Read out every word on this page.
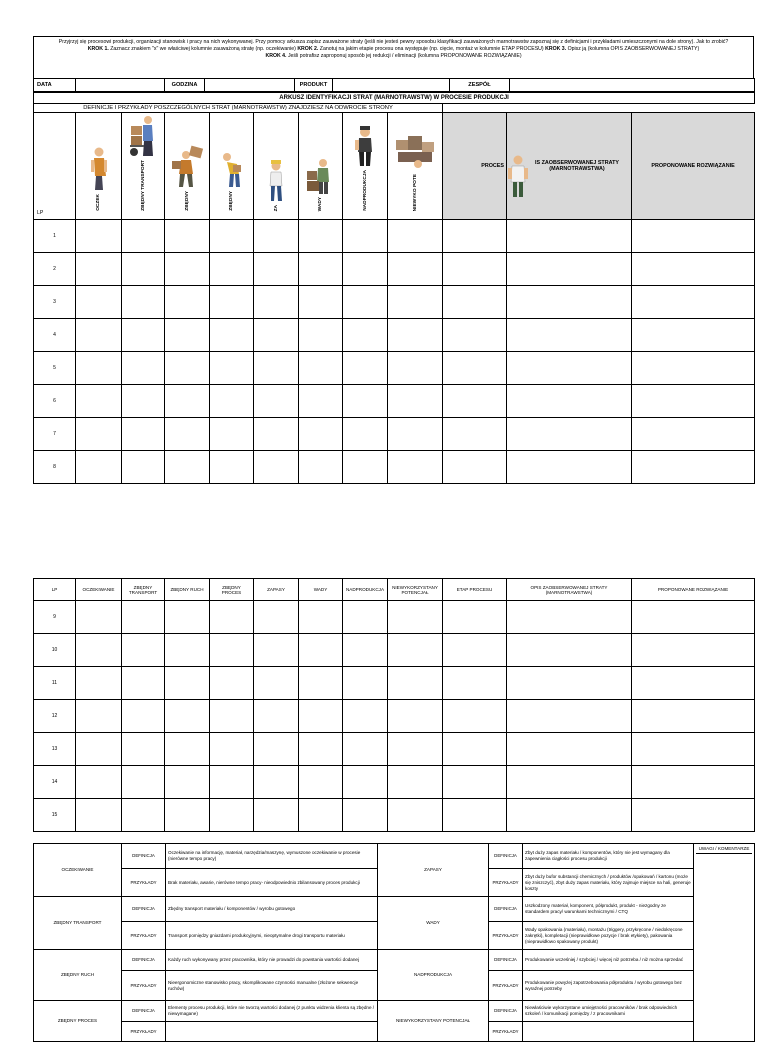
Przyjrzyj się procesowi produkcji, organizacji stanowisk i pracy na nich wykonywanej. Przy pomocy arkusza zapisz zauważone straty (jeśli nie jesteś pewny sposobu klasyfikacji zauważonych marnotrawstw zapoznaj się z definicjami i przykładami umieszczonymi na dole strony). Jak to zrobić?
KROK 1. Zaznacz znakiem "x" we właściwej kolumnie zauważoną stratę (np. oczekiwanie) KROK 2. Zanotuj na jakim etapie procesu ona występuje (np. cięcie, montaż w kolumnie ETAP PROCESU) KROK 3. Opisz ją (kolumna OPIS ZAOBSERWOWANEJ STRATY)
KROK 4. Jeśli potrafisz zaproponuj sposób jej redukcji / eliminacji (kolumna PROPONOWANE ROZWIĄZANIE)
DATA		GODZINA		PRODUKT		ZESPÓŁ	
ARKUSZ IDENTYFIKACJI STRAT (MARNOTRAWSTW) W PROCESIE PRODUKCJI											
DEFINICJE I PRZYKŁADY POSZCZEGÓLNYCH STRAT (MARNOTRAWSTW) ZNAJDZIESZ NA ODWROCIE STRONY											
LP	OCZEK	ZBĘDNY TRANSPORT	ZBĘDNY	ZBĘDNY	ZA	WADY	NADPRODUKCJA	NIEWYKO POTE	PROCES	IS ZAOBSERWOWANEJ STRATY (MARNOTRAWSTWA)	PROPONOWANE ROZWIĄZANIE
1											
2											
3											
4											
5											
6											
7											
8											
LP	OCZEKIWANIE	ZBĘDNY TRANSPORT	ZBĘDNY RUCH	ZBĘDNY PROCES	ZAPASY	WADY	NADPRODUKCJA	NIEWYKORZYSTANY POTENCJAŁ	ETAP PROCESU	OPIS ZAOBSERWOWANEJ STRATY (MARNOTRAWSTWA)	PROPONOWANE ROZWIĄZANIE
9											
10											
11											
12											
13											
14											
15											
OCZEKIWANIE	DEFINICJA	Oczekiwanie na informację, materiał, narzędzia/maszynę, wymuszone oczekiwanie w procesie (nierówne tempo pracy)	ZAPASY	DEFINICJA	Zbyt duży zapas materiału / komponentów, który nie jest wymagany dla zapewnienia ciągłości procesu produkcji	UWAGI / KOMENTARZE

	PRZYKŁADY	Brak materiału, awarie, nierówne tempo pracy- nieodpowiednio zbilansowany proces produkcji		PRZYKŁADY	Zbyt duży bufor substancji chemicznych / produktów /opakowań / kartonu (może się zniszczyć), zbyt duży zapas materiału, który zajmuje miejsce na hali, generuje koszty	
ZBĘDNY TRANSPORT	DEFINICJA	Zbędny transport materiału / komponentów / wyrobu gotowego	WADY	DEFINICJA	Uszkodzony materiał, komponent, półprodukt, produkt - niezgodny ze standardem pracy/ warunkami technicznymi / CTQ	
	PRZYKŁADY	Transport pomiędzy gniazdami produkcyjnymi, nieoptymalne drogi transportu materiału		PRZYKŁADY	Wady opakowania (materiału), montażu (triggery, przykręcone / niedokręcone zakrętki), kompletacji (nieprawidłowe pozycje / brak etykiety), pakowania (nieprawidłowo spakowany produkt)	
ZBĘDNY RUCH	DEFINICJA	Każdy ruch wykonywany przez pracownika, który nie prowadzi do powstania wartości dodanej	NADPRODUKCJA	DEFINICJA	Produkowanie wcześniej / szybciej / więcej niż potrzeba / niż można sprzedać	
	PRZYKŁADY	Nieergonomiczne stanowisko pracy, skomplikowane czynności manualne (złożone sekwencje ruchów)		PRZYKŁADY	Produkowanie powyżej zapotrzebowania półproduktu / wyrobu gotowego bez wyraźnej potrzeby	
ZBĘDNY PROCES	DEFINICJA	Elementy procesu produkcji, które nie tworzą wartości dodanej (z punktu widzenia klienta są zbędne / niewymagane)	NIEWYKORZYSTANY POTENCJAŁ	DEFINICJA	Niewłaściwie wykorzystane umiejętności pracowników / brak odpowiednich szkoleń / komunikacji pomiędzy / z pracownikami	
	PRZYKŁADY			PRZYKŁADY		
